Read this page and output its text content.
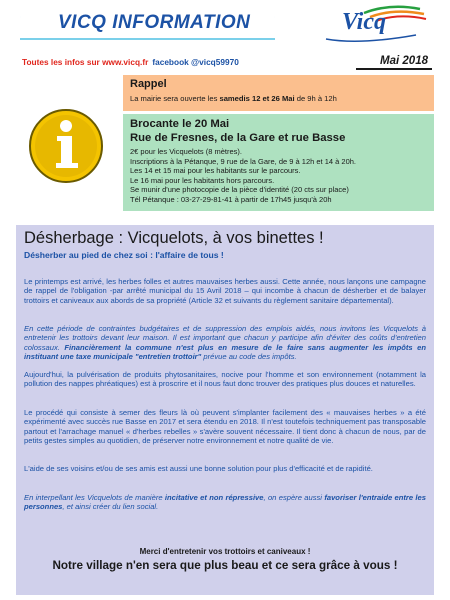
VICQ INFORMATION	Vicq
Toutes les infos sur www.vicq.fr facebook @vicq59970	Mai 2018
Rappel
La mairie sera ouverte les samedis 12 et 26 Mai de 9h à 12h
Brocante le 20 Mai
Rue de Fresnes, de la Gare et rue Basse
2€ pour les Vicquelots (8 mètres).
Inscriptions à la Pétanque, 9 rue de la Gare, de 9 à 12h et 14 à 20h.
Les 14 et 15 mai pour les habitants sur le parcours.
Le 16 mai pour les habitants hors parcours.
Se munir d'une photocopie de la pièce d'identité (20 cts sur place)
Tél Pétanque : 03-27-29-81-41 à partir de 17h45 jusqu'à 20h
Désherbage : Vicquelots, à vos binettes !
Désherber au pied de chez soi : l'affaire de tous !

Le printemps est arrivé, les herbes folles et autres mauvaises herbes aussi. Cette année, nous lançons une campagne de rappel de l'obligation -par arrêté municipal du 15 Avril 2018 – qui incombe à chacun de désherber et de balayer trottoirs et caniveaux aux abords de sa propriété (Article 32 et suivants du règlement sanitaire départemental).

En cette période de contraintes budgétaires et de suppression des emplois aidés, nous invitons les Vicquelots à entretenir les trottoirs devant leur maison. Il est important que chacun y participe afin d'éviter des coûts d'entretien colossaux. Financièrement la commune n'est plus en mesure de le faire sans augmenter les impôts en instituant une taxe municipale "entretien trottoir" prévue au code des impôts.

Aujourd'hui, la pulvérisation de produits phytosanitaires, nocive pour l'homme et son environnement (notamment la pollution des nappes phréatiques) est à proscrire et il nous faut donc trouver des pratiques plus douces et naturelles.

Le procédé qui consiste à semer des fleurs là où peuvent s'implanter facilement des « mauvaises herbes » a été expérimenté avec succès rue Basse en 2017 et sera étendu en 2018. Il n'est toutefois techniquement pas transposable partout et l'arrachage manuel « d'herbes rebelles » s'avère souvent nécessaire. Il tient donc à chacun de nous, par de petits gestes simples au quotidien, de préserver notre environnement et notre qualité de vie.

L'aide de ses voisins et/ou de ses amis est aussi une bonne solution pour plus d'efficacité et de rapidité.

En interpellant les Vicquelots de manière incitative et non répressive, on espère aussi favoriser l'entraide entre les personnes, et ainsi créer du lien social.

Merci d'entretenir vos trottoirs et caniveaux !
Notre village n'en sera que plus beau et ce sera grâce à vous !
